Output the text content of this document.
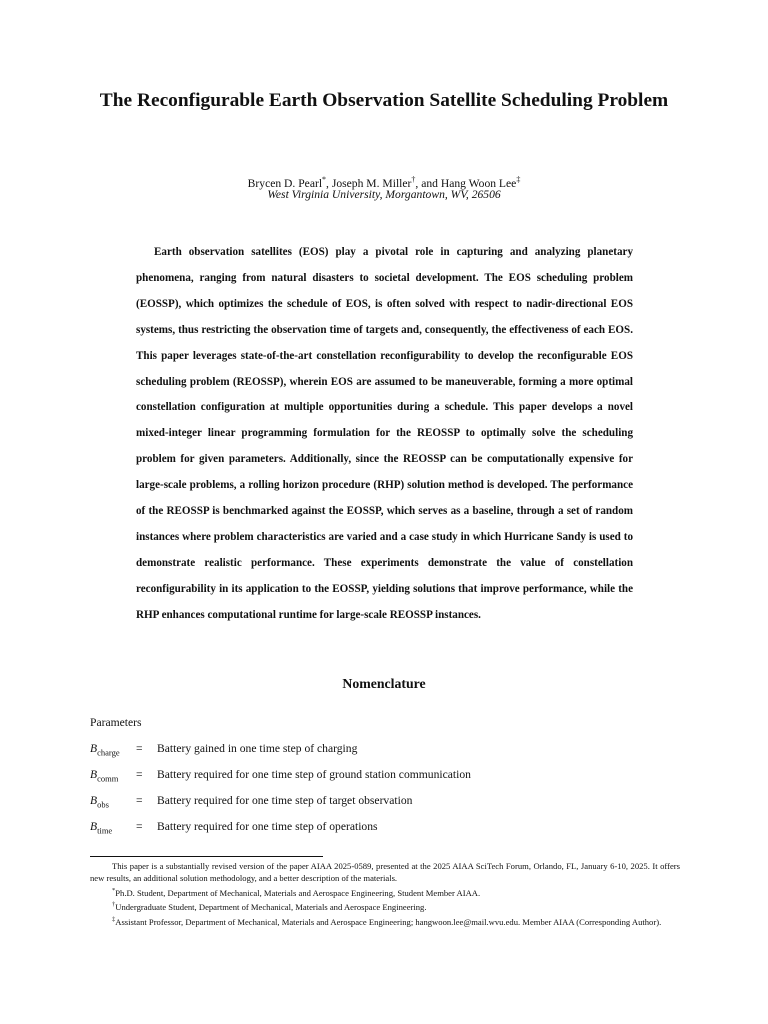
The Reconfigurable Earth Observation Satellite Scheduling Problem
Brycen D. Pearl*, Joseph M. Miller†, and Hang Woon Lee‡
West Virginia University, Morgantown, WV, 26506

Earth observation satellites (EOS) play a pivotal role in capturing and analyzing planetary phenomena, ranging from natural disasters to societal development. The EOS scheduling problem (EOSSP), which optimizes the schedule of EOS, is often solved with respect to nadir-directional EOS systems, thus restricting the observation time of targets and, consequently, the effectiveness of each EOS. This paper leverages state-of-the-art constellation reconfigurability to develop the reconfigurable EOS scheduling problem (REOSSP), wherein EOS are assumed to be maneuverable, forming a more optimal constellation configuration at multiple opportunities during a schedule. This paper develops a novel mixed-integer linear programming formulation for the REOSSP to optimally solve the scheduling problem for given parameters. Additionally, since the REOSSP can be computationally expensive for large-scale problems, a rolling horizon procedure (RHP) solution method is developed. The performance of the REOSSP is benchmarked against the EOSSP, which serves as a baseline, through a set of random instances where problem characteristics are varied and a case study in which Hurricane Sandy is used to demonstrate realistic performance. These experiments demonstrate the value of constellation reconfigurability in its application to the EOSSP, yielding solutions that improve performance, while the RHP enhances computational runtime for large-scale REOSSP instances.

Nomenclature
Parameters
$B_{charge}$	= Battery gained in one time step of charging
$B_{comm}$	= Battery required for one time step of ground station communication
$B_{obs}$	= Battery required for one time step of target observation
$B_{time}$	= Battery required for one time step of operations

This paper is a substantially revised version of the paper AIAA 2025-0589, presented at the 2025 AIAA SciTech Forum, Orlando, FL, January 6-10, 2025. It offers new results, an additional solution methodology, and a better description of the materials.

*Ph.D. Student, Department of Mechanical, Materials and Aerospace Engineering, Student Member AIAA.

†Undergraduate Student, Department of Mechanical, Materials and Aerospace Engineering.

‡Assistant Professor, Department of Mechanical, Materials and Aerospace Engineering; hangwoon.lee@mail.wvu.edu. Member AIAA (Corresponding Author).
